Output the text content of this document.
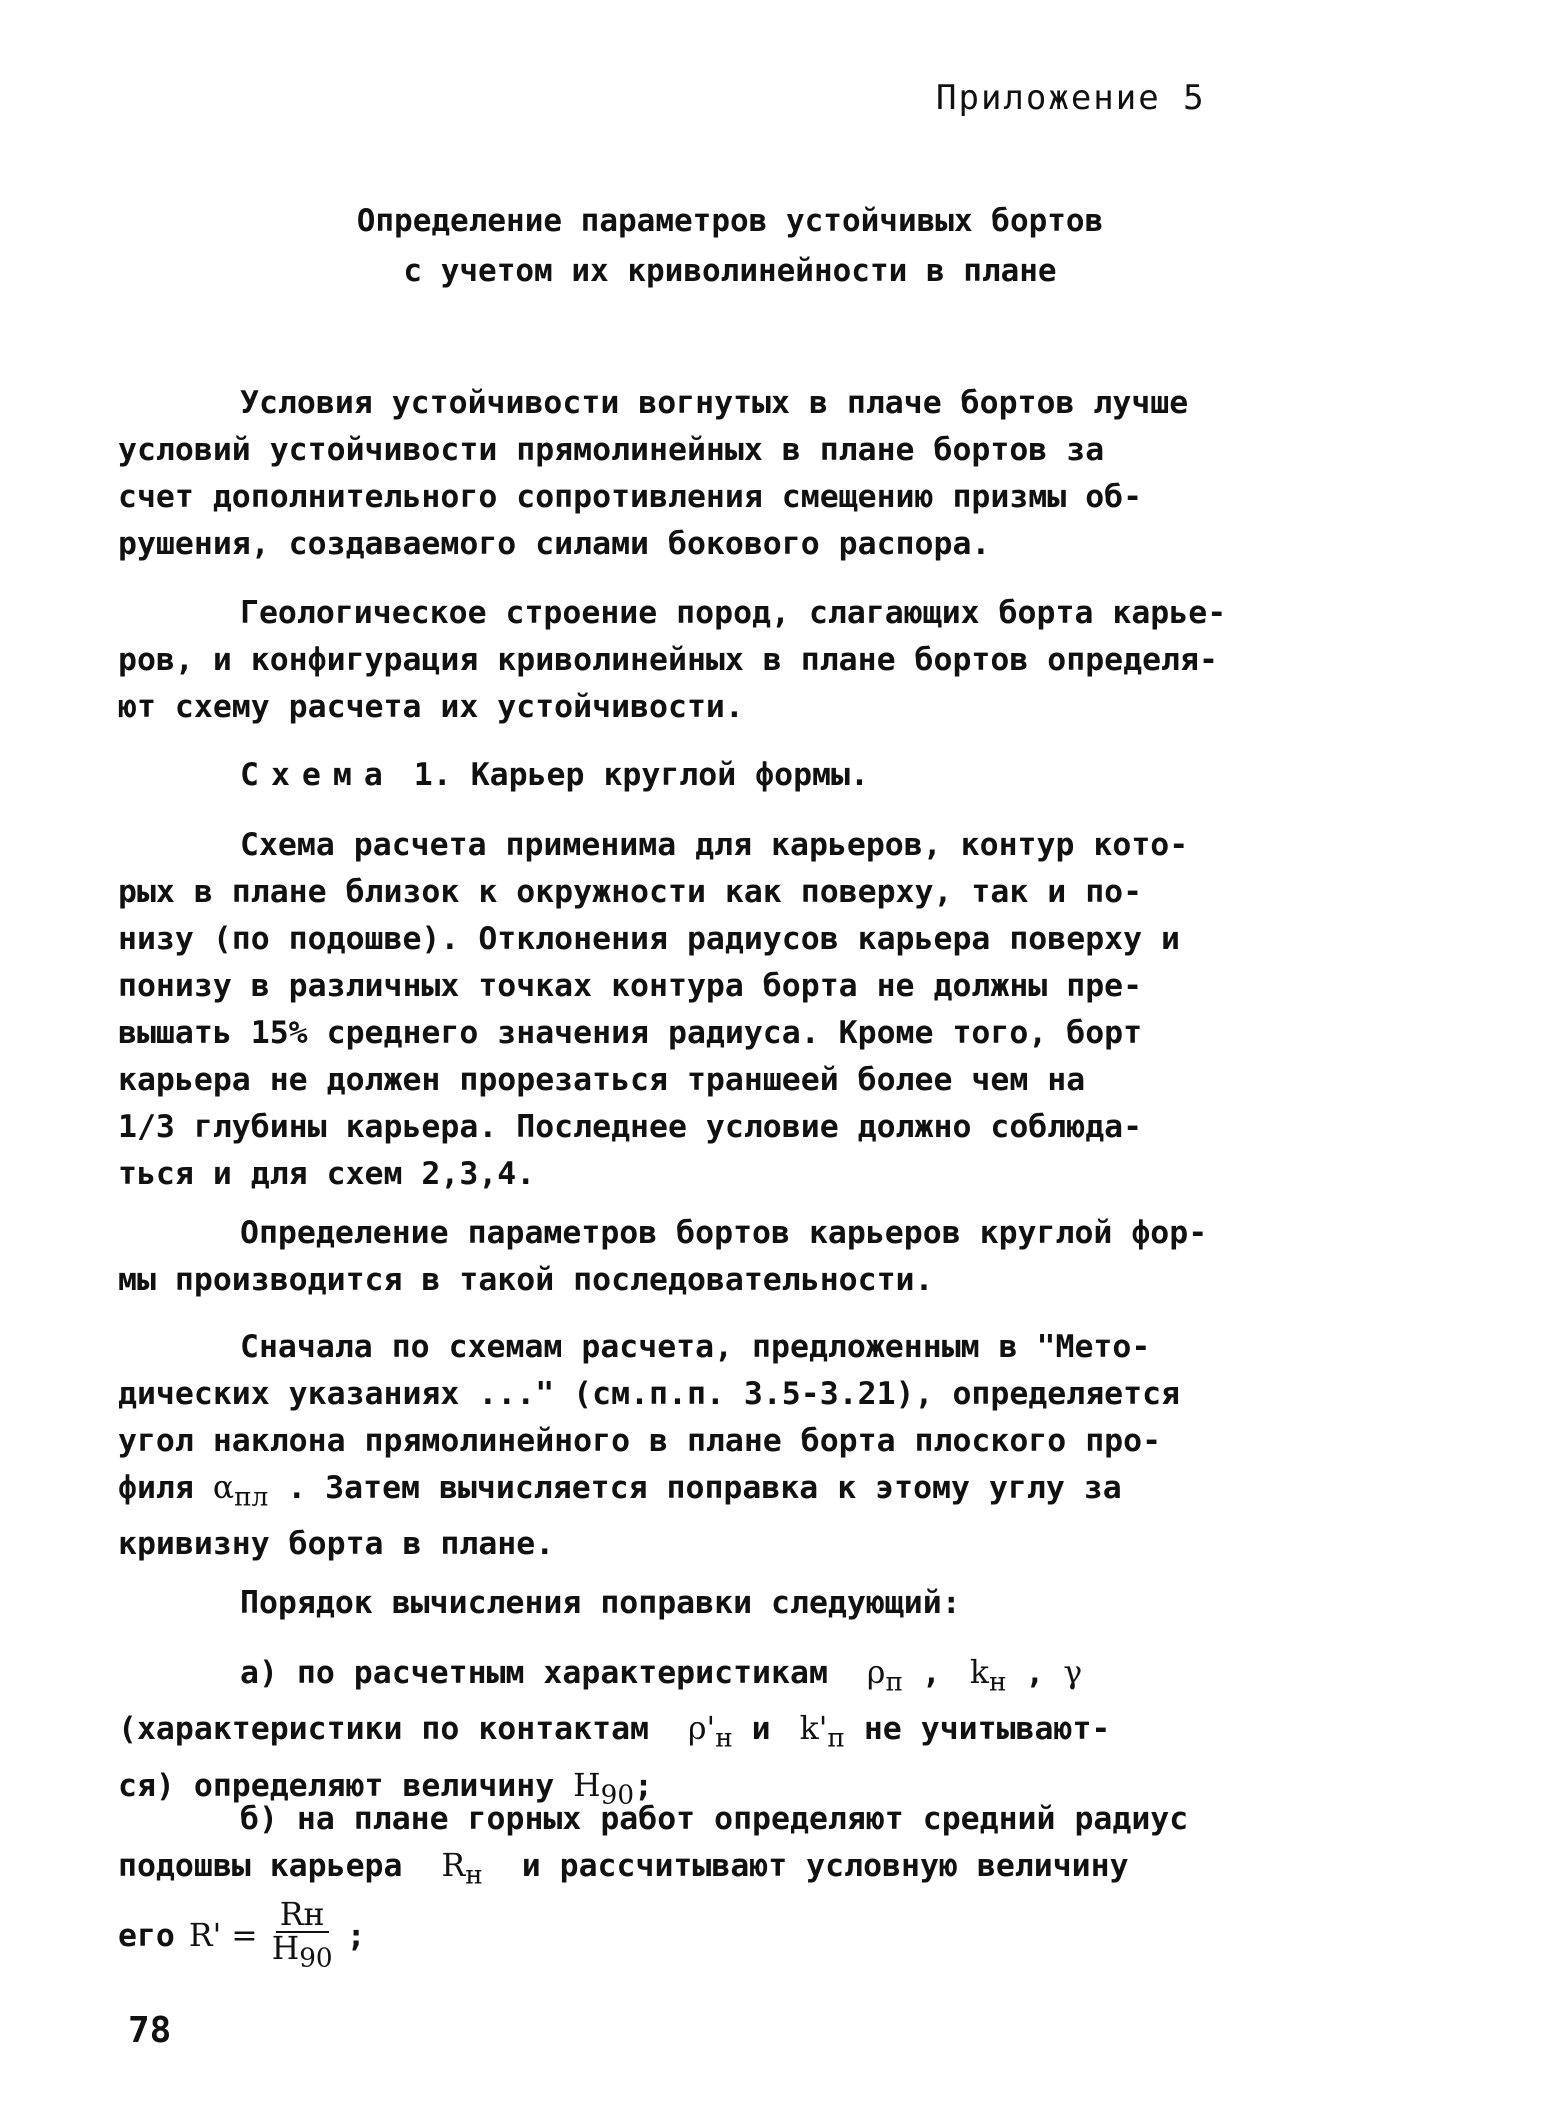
Приложение 5
Определение параметров устойчивых бортов
с учетом их криволинейности в плане
Условия устойчивости вогнутых в плаче бортов лучше
условий устойчивости прямолинейных в плане бортов за
счет дополнительного сопротивления смещению призмы об-
рушения, создаваемого силами бокового распора.
Геологическое строение пород, слагающих борта карье-
ров, и конфигурация криволинейных в плане бортов определя-
ют схему расчета их устойчивости.
Схема 1. Карьер круглой формы.
Схема расчета применима для карьеров, контур кото-
рых в плане близок к окружности как поверху, так и по-
низу (по подошве). Отклонения радиусов карьера поверху и
понизу в различных точках контура борта не должны пре-
вышать 15% среднего значения радиуса. Кроме того, борт
карьера не должен прорезаться траншеей более чем на
1/3 глубины карьера. Последнее условие должно соблюда-
ться и для схем 2,3,4.
Определение параметров бортов карьеров круглой фор-
мы производится в такой последовательности.
Сначала по схемам расчета, предложенным в "Мето-
дических указаниях ..." (см.п.п. 3.5-3.21), определяется
угол наклона прямолинейного в плане борта плоского про-
филя $\alpha_{пл}$ . Затем вычисляется поправка к этому углу за
кривизну борта в плане.
Порядок вычисления поправки следующий:
а) по расчетным характеристикам $\rho_п$ , $k_н$ , γ
(характеристики по контактам $\rho'_н$ и $k'_п$ не учитывают-
ся) определяют величину $H_{90}$;
б) на плане горных работ определяют средний радиус
подошвы карьера $R_н$ и рассчитывают условную величину
его R' =
Rн
$H_{90}$
;
78
